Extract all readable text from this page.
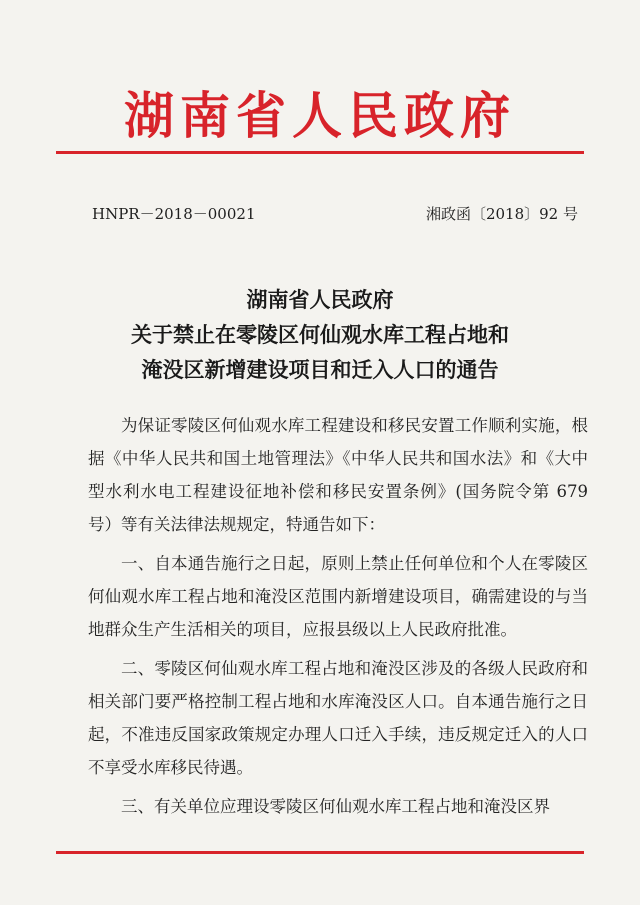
湖南省人民政府
HNPR－2018－00021	湘政函〔2018〕92 号
湖南省人民政府
关于禁止在零陵区何仙观水库工程占地和
淹没区新增建设项目和迁入人口的通告

为保证零陵区何仙观水库工程建设和移民安置工作顺利实施，根据《中华人民共和国土地管理法》《中华人民共和国水法》和《大中型水利水电工程建设征地补偿和移民安置条例》(国务院令第 679 号）等有关法律法规规定，特通告如下：

一、自本通告施行之日起，原则上禁止任何单位和个人在零陵区何仙观水库工程占地和淹没区范围内新增建设项目，确需建设的与当地群众生产生活相关的项目，应报县级以上人民政府批准。

二、零陵区何仙观水库工程占地和淹没区涉及的各级人民政府和相关部门要严格控制工程占地和水库淹没区人口。自本通告施行之日起，不准违反国家政策规定办理人口迁入手续，违反规定迁入的人口不享受水库移民待遇。

三、有关单位应理设零陵区何仙观水库工程占地和淹没区界
